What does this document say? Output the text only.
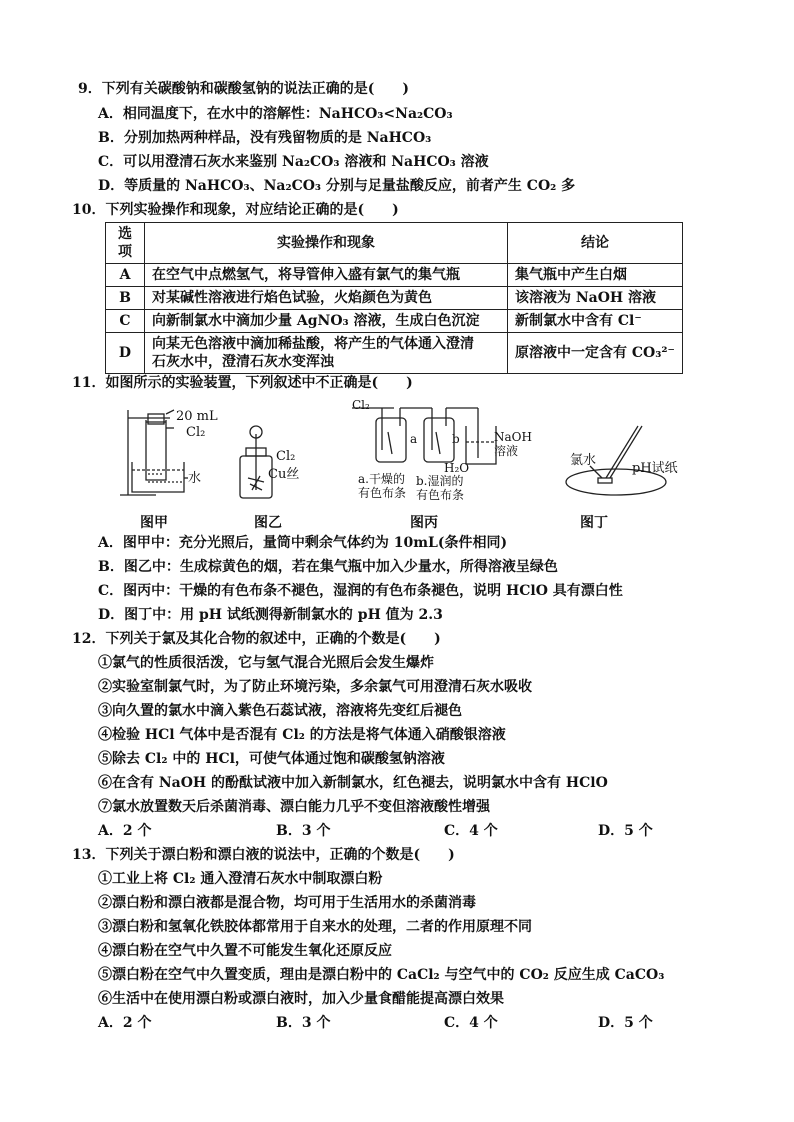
9．下列有关碳酸钠和碳酸氢钠的说法正确的是(　　)
A．相同温度下，在水中的溶解性：NaHCO₃<Na₂CO₃
B．分别加热两种样品，没有残留物质的是 NaHCO₃
C．可以用澄清石灰水来鉴别 Na₂CO₃ 溶液和 NaHCO₃ 溶液
D．等质量的 NaHCO₃、Na₂CO₃ 分别与足量盐酸反应，前者产生 CO₂ 多
10．下列实验操作和现象，对应结论正确的是(　　)
选项	实验操作和现象	结论
A	在空气中点燃氢气，将导管伸入盛有氯气的集气瓶	集气瓶中产生白烟
B	对某碱性溶液进行焰色试验，火焰颜色为黄色	该溶液为 NaOH 溶液
C	向新制氯水中滴加少量 AgNO₃ 溶液，生成白色沉淀	新制氯水中含有 Cl⁻
D	向某无色溶液中滴加稀盐酸，将产生的气体通入澄清
石灰水中，澄清石灰水变浑浊	原溶液中一定含有 CO₃²⁻
11．如图所示的实验装置，下列叙述中不正确是(　　)
20 mL
Cl₂
水
图甲
Cl₂
Cu丝
图乙
Cl₂
a	b	NaOH
溶液
H₂O
a.干燥的
有色布条
b.湿润的
有色布条
图丙
氯水
pH试纸
图丁
A．图甲中：充分光照后，量筒中剩余气体约为 10mL(条件相同)
B．图乙中：生成棕黄色的烟，若在集气瓶中加入少量水，所得溶液呈绿色
C．图丙中：干燥的有色布条不褪色，湿润的有色布条褪色，说明 HClO 具有漂白性
D．图丁中：用 pH 试纸测得新制氯水的 pH 值为 2.3
12．下列关于氯及其化合物的叙述中，正确的个数是(　　)
①氯气的性质很活泼，它与氢气混合光照后会发生爆炸
②实验室制氯气时，为了防止环境污染，多余氯气可用澄清石灰水吸收
③向久置的氯水中滴入紫色石蕊试液，溶液将先变红后褪色
④检验 HCl 气体中是否混有 Cl₂ 的方法是将气体通入硝酸银溶液
⑤除去 Cl₂ 中的 HCl，可使气体通过饱和碳酸氢钠溶液
⑥在含有 NaOH 的酚酞试液中加入新制氯水，红色褪去，说明氯水中含有 HClO
⑦氯水放置数天后杀菌消毒、漂白能力几乎不变但溶液酸性增强
A．2 个	B．3 个	C．4 个	D．5 个
13．下列关于漂白粉和漂白液的说法中，正确的个数是(　　)
①工业上将 Cl₂ 通入澄清石灰水中制取漂白粉
②漂白粉和漂白液都是混合物，均可用于生活用水的杀菌消毒
③漂白粉和氢氧化铁胶体都常用于自来水的处理，二者的作用原理不同
④漂白粉在空气中久置不可能发生氧化还原反应
⑤漂白粉在空气中久置变质，理由是漂白粉中的 CaCl₂ 与空气中的 CO₂ 反应生成 CaCO₃
⑥生活中在使用漂白粉或漂白液时，加入少量食醋能提高漂白效果
A．2 个	B．3 个	C．4 个	D．5 个
